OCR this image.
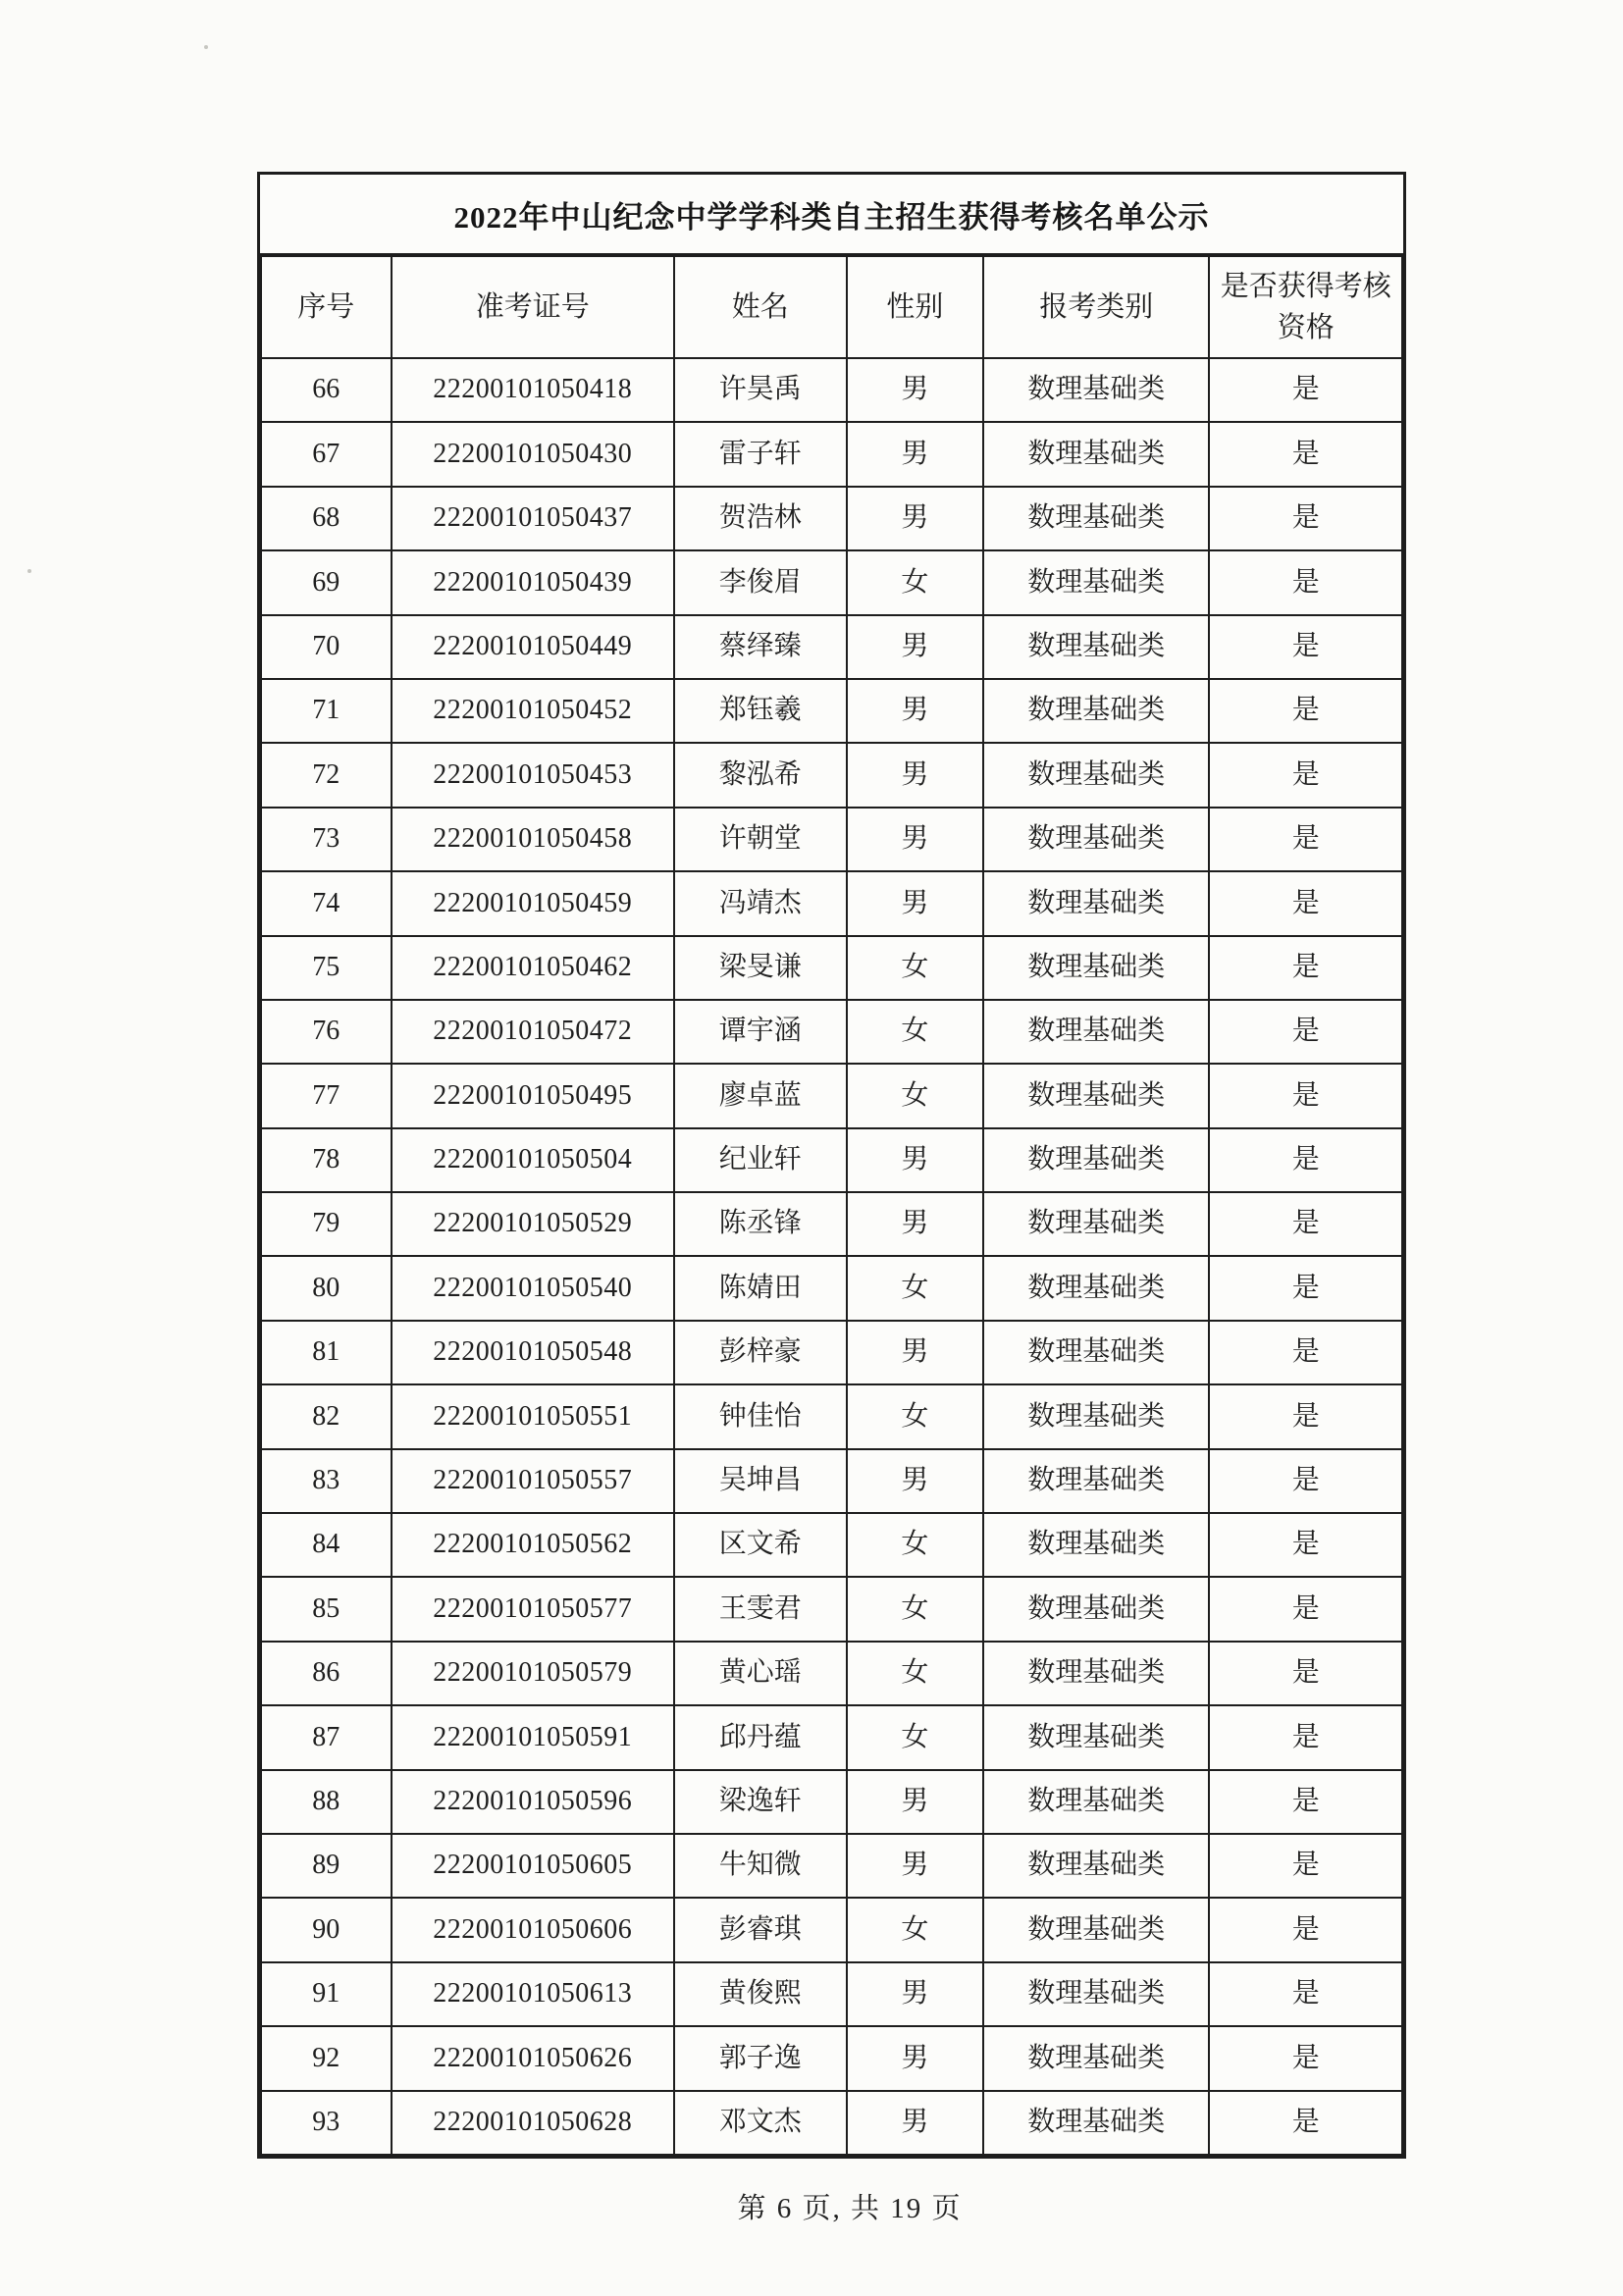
2022年中山纪念中学学科类自主招生获得考核名单公示
序号	准考证号	姓名	性别	报考类别	是否获得考核资格
66	22200101050418	许昊禹	男	数理基础类	是
67	22200101050430	雷子轩	男	数理基础类	是
68	22200101050437	贺浩林	男	数理基础类	是
69	22200101050439	李俊眉	女	数理基础类	是
70	22200101050449	蔡绎臻	男	数理基础类	是
71	22200101050452	郑钰羲	男	数理基础类	是
72	22200101050453	黎泓希	男	数理基础类	是
73	22200101050458	许朝堂	男	数理基础类	是
74	22200101050459	冯靖杰	男	数理基础类	是
75	22200101050462	梁旻谦	女	数理基础类	是
76	22200101050472	谭宇涵	女	数理基础类	是
77	22200101050495	廖卓蓝	女	数理基础类	是
78	22200101050504	纪业轩	男	数理基础类	是
79	22200101050529	陈丞锋	男	数理基础类	是
80	22200101050540	陈婧田	女	数理基础类	是
81	22200101050548	彭梓豪	男	数理基础类	是
82	22200101050551	钟佳怡	女	数理基础类	是
83	22200101050557	吴坤昌	男	数理基础类	是
84	22200101050562	区文希	女	数理基础类	是
85	22200101050577	王雯君	女	数理基础类	是
86	22200101050579	黄心瑶	女	数理基础类	是
87	22200101050591	邱丹蕴	女	数理基础类	是
88	22200101050596	梁逸轩	男	数理基础类	是
89	22200101050605	牛知微	男	数理基础类	是
90	22200101050606	彭睿琪	女	数理基础类	是
91	22200101050613	黄俊熙	男	数理基础类	是
92	22200101050626	郭子逸	男	数理基础类	是
93	22200101050628	邓文杰	男	数理基础类	是
第 6 页, 共 19 页
